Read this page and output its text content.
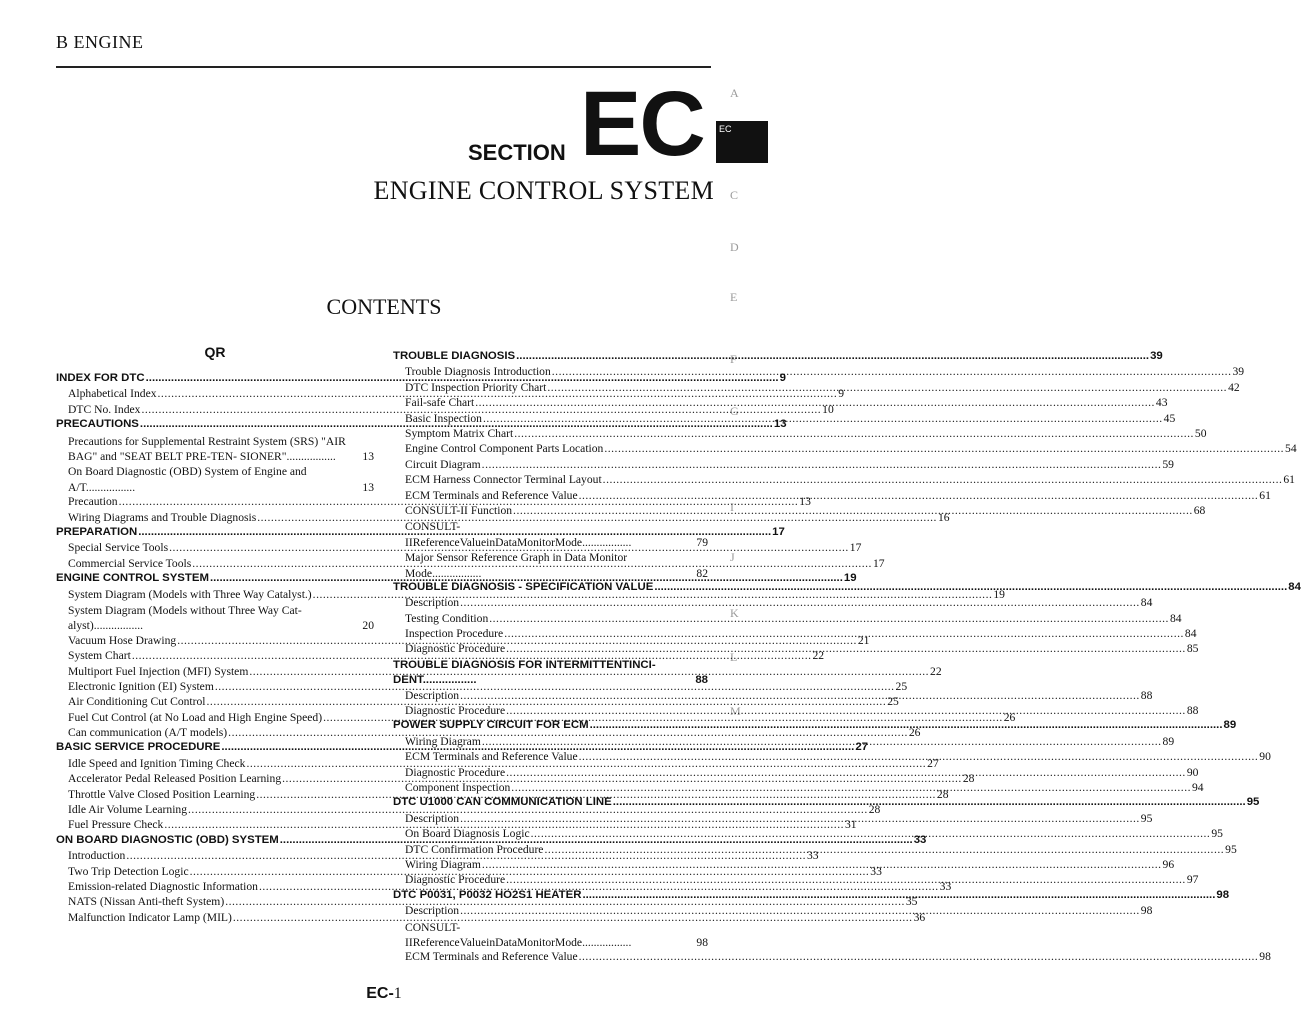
B ENGINE
SECTION EC
ENGINE CONTROL SYSTEM
CONTENTS
QR
EC
A
C
D
E
F
G
I
J
K
L
M
INDEX FOR DTC .....	9
Alphabetical Index .....	9
DTC No. Index .....	10
PRECAUTIONS .....	13
Precautions for Supplemental Restraint System (SRS) "AIR BAG" and "SEAT BELT PRE-TEN- SIONER"................. 13
On Board Diagnostic (OBD) System of Engine and A/T.................	13
Precaution .....	13
Wiring Diagrams and Trouble Diagnosis .....	16
PREPARATION .....	17
Special Service Tools .....	17
Commercial Service Tools .....	17
ENGINE CONTROL SYSTEM .....	19
System Diagram (Models with Three Way Catalyst.) .....	19
System Diagram (Models without Three Way Cat- alyst).................	20
Vacuum Hose Drawing .....	21
System Chart .....	22
Multiport Fuel Injection (MFI) System .....	22
Electronic Ignition (EI) System .....	25
Air Conditioning Cut Control .....	25
Fuel Cut Control (at No Load and High Engine Speed) .....	26
Can communication (A/T models) .....	26
BASIC SERVICE PROCEDURE .....	27
Idle Speed and Ignition Timing Check .....	27
Accelerator Pedal Released Position Learning .....	28
Throttle Valve Closed Position Learning .....	28
Idle Air Volume Learning .....	28
Fuel Pressure Check .....	31
ON BOARD DIAGNOSTIC (OBD) SYSTEM .....	33
Introduction .....	33
Two Trip Detection Logic .....	33
Emission-related Diagnostic Information .....	33
NATS (Nissan Anti-theft System) .....	35
Malfunction Indicator Lamp (MIL) .....	36
TROUBLE DIAGNOSIS .....	39
Trouble Diagnosis Introduction .....	39
DTC Inspection Priority Chart .....	42
Fail-safe Chart .....	43
Basic Inspection .....	45
Symptom Matrix Chart .....	50
Engine Control Component Parts Location .....	54
Circuit Diagram .....	59
ECM Harness Connector Terminal Layout .....	61
ECM Terminals and Reference Value .....	61
CONSULT-II Function .....	68
CONSULT-IIReferenceValueinDataMonitorMode.................	79
Major Sensor Reference Graph in Data Monitor Mode.................	82
TROUBLE DIAGNOSIS - SPECIFICATION VALUE .....	84
Description .....	84
Testing Condition .....	84
Inspection Procedure .....	84
Diagnostic Procedure .....	85
TROUBLE DIAGNOSIS FOR INTERMITTENTINCI- DENT.................	88
Description .....	88
Diagnostic Procedure .....	88
POWER SUPPLY CIRCUIT FOR ECM .....	89
Wiring Diagram .....	89
ECM Terminals and Reference Value .....	90
Diagnostic Procedure .....	90
Component Inspection .....	94
DTC U1000 CAN COMMUNICATION LINE .....	95
Description .....	95
On Board Diagnosis Logic .....	95
DTC Confirmation Procedure .....	95
Wiring Diagram .....	96
Diagnostic Procedure .....	97
DTC P0031, P0032 HO2S1 HEATER .....	98
Description .....	98
CONSULT-IIReferenceValueinDataMonitorMode.................	98
ECM Terminals and Reference Value .....	98
EC-1
